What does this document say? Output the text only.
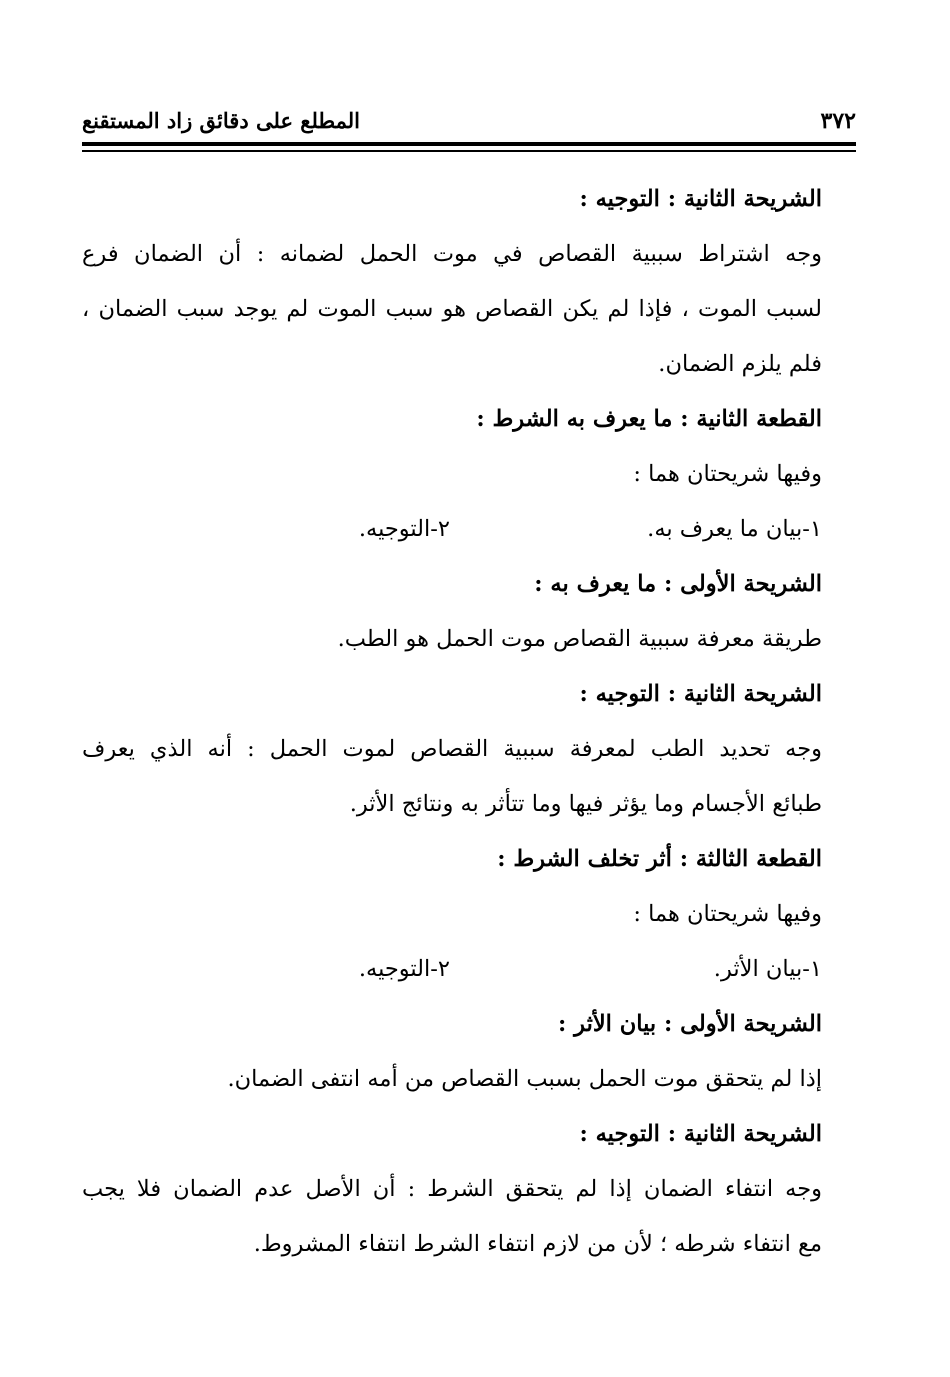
٣٧٢
المطلع على دقائق زاد المستقنع
الشريحة الثانية : التوجيه :
وجه اشتراط سببية القصاص في موت الحمل لضمانه : أن الضمان فرع
لسبب الموت ، فإذا لم يكن القصاص هو سبب الموت لم يوجد سبب الضمان ،
فلم يلزم الضمان.
القطعة الثانية : ما يعرف به الشرط :
وفيها شريحتان هما :
١-بيان ما يعرف به.
٢-التوجيه.
الشريحة الأولى : ما يعرف به :
طريقة معرفة سببية القصاص موت الحمل هو الطب.
الشريحة الثانية : التوجيه :
وجه تحديد الطب لمعرفة سببية القصاص لموت الحمل : أنه الذي يعرف
طبائع الأجسام وما يؤثر فيها وما تتأثر به ونتائج الأثر.
القطعة الثالثة : أثر تخلف الشرط :
وفيها شريحتان هما :
١-بيان الأثر.
٢-التوجيه.
الشريحة الأولى : بيان الأثر :
إذا لم يتحقق موت الحمل بسبب القصاص من أمه انتفى الضمان.
الشريحة الثانية : التوجيه :
وجه انتفاء الضمان إذا لم يتحقق الشرط : أن الأصل عدم الضمان فلا يجب
مع انتفاء شرطه ؛ لأن من لازم انتفاء الشرط انتفاء المشروط.
